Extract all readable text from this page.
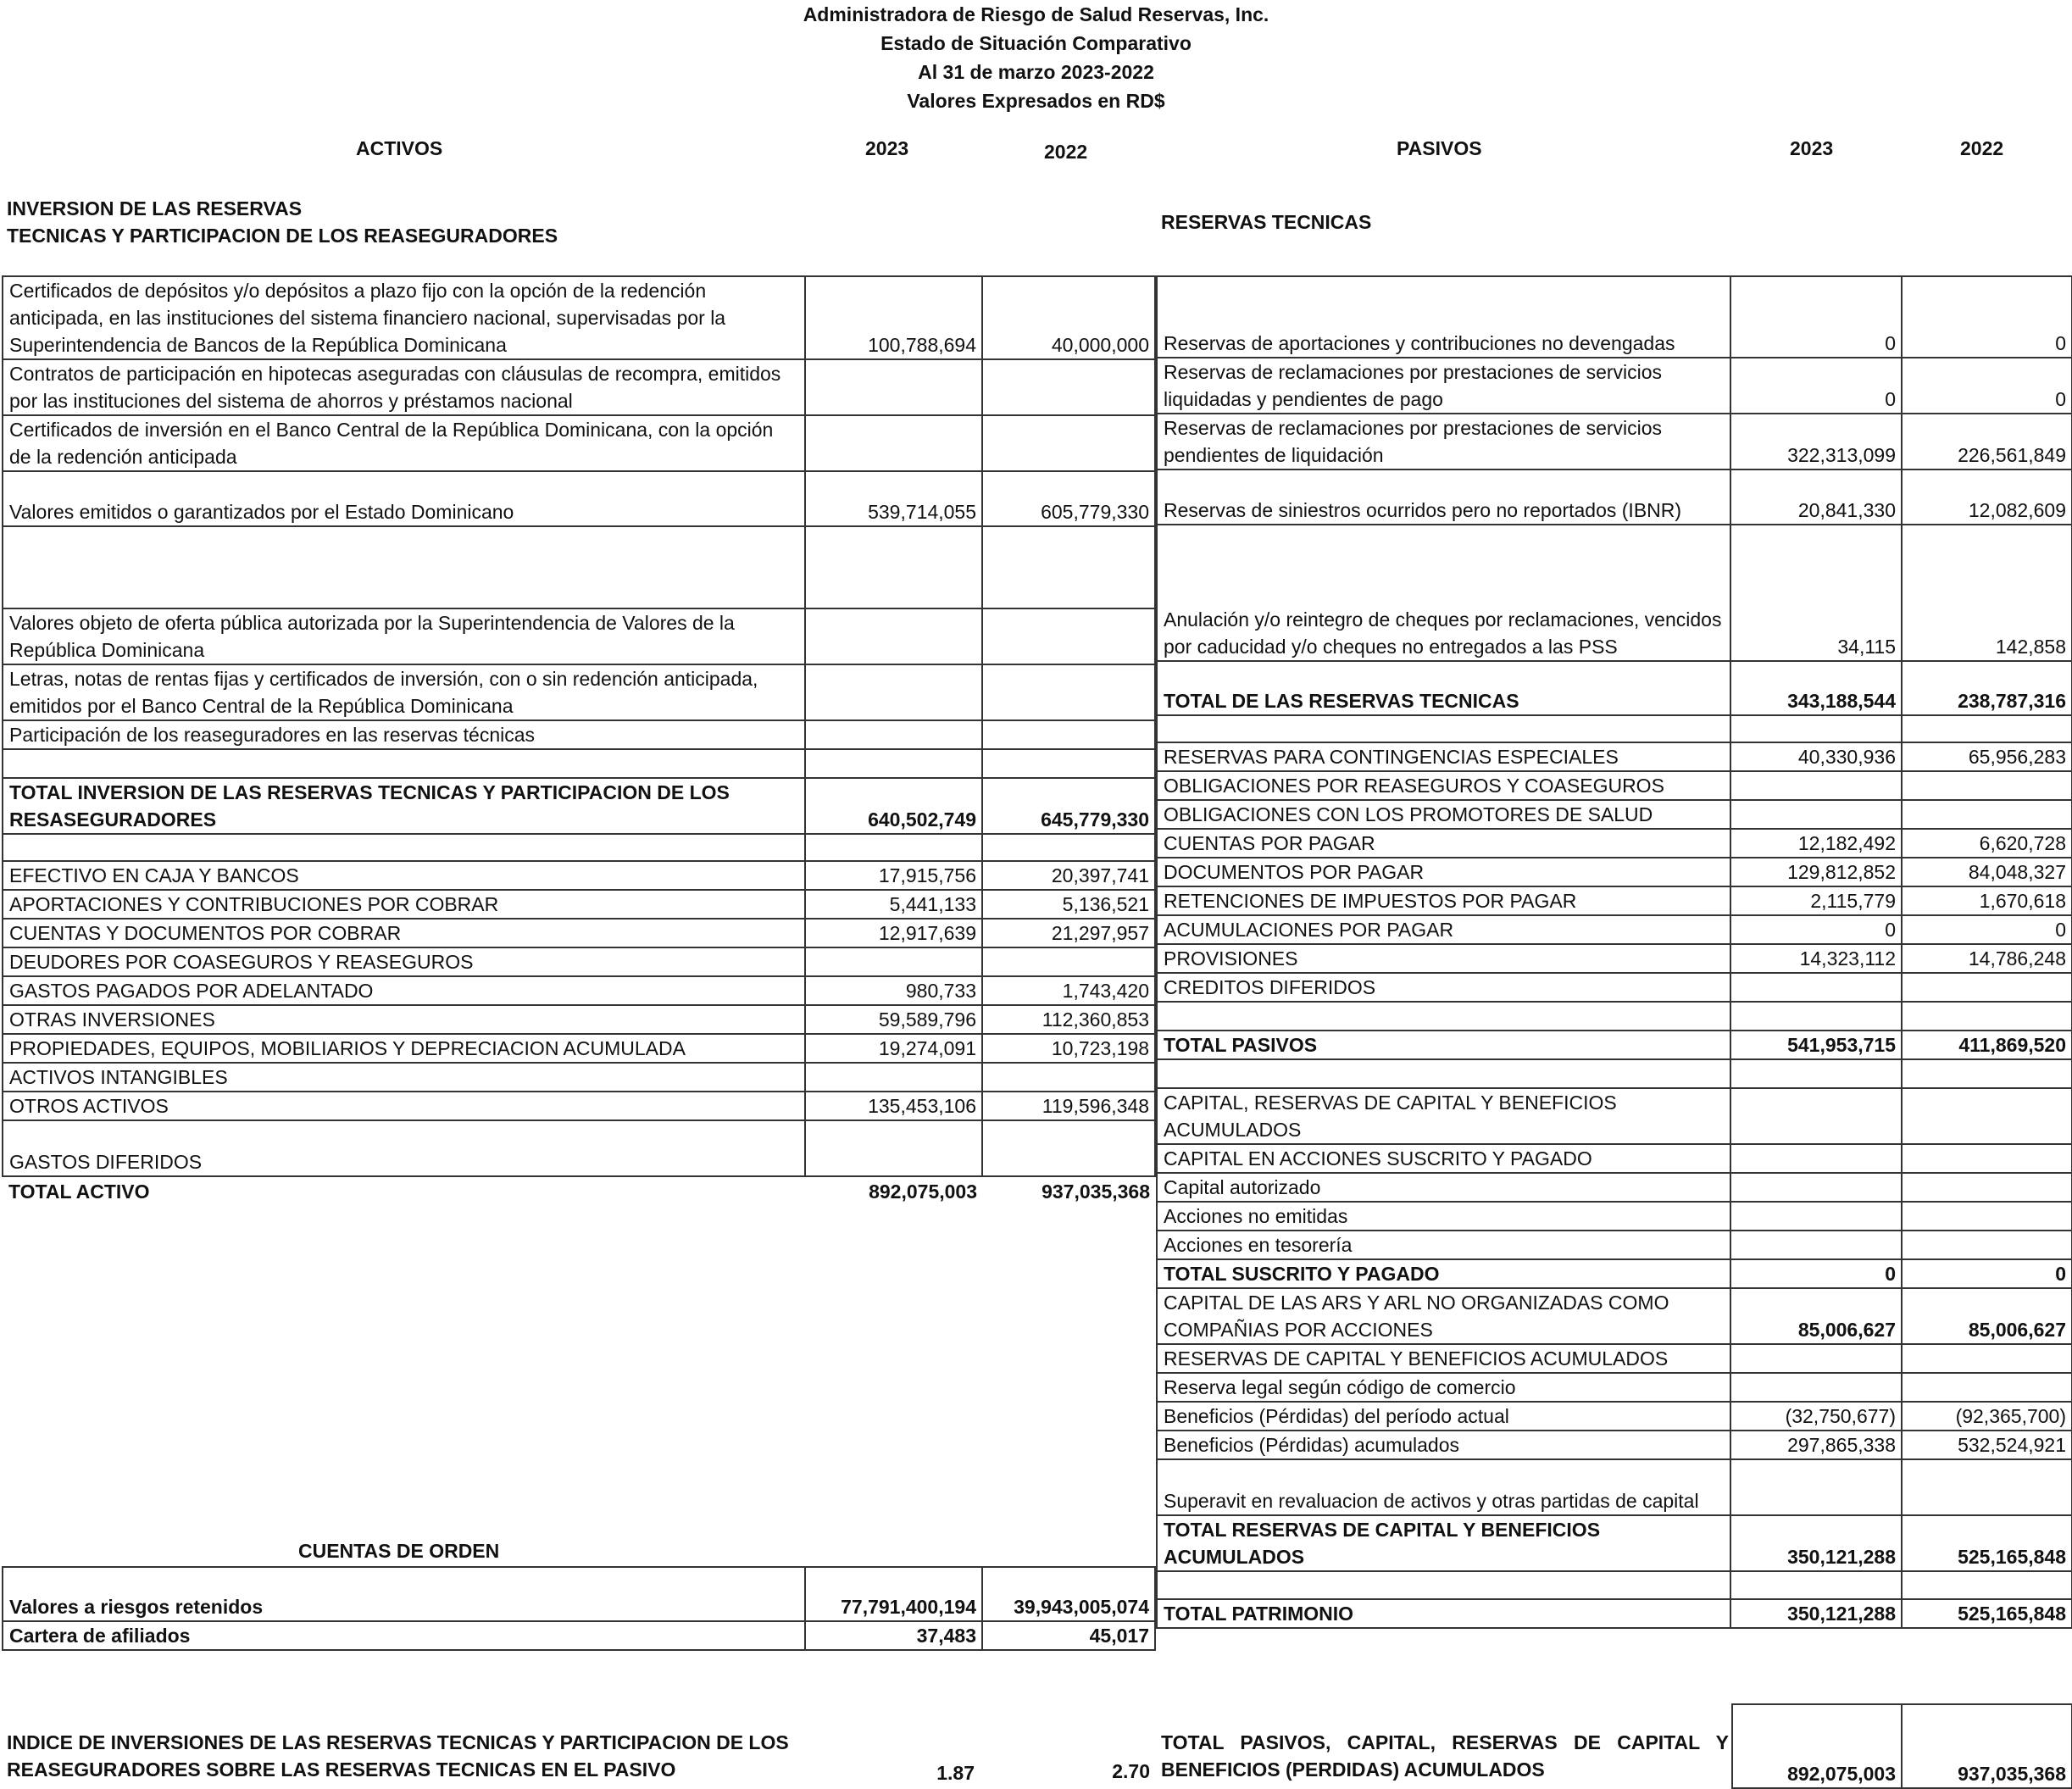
Administradora de Riesgo de Salud Reservas, Inc.
Estado de Situación Comparativo
Al 31 de marzo 2023-2022
Valores Expresados en RD$
ACTIVOS	2023	2022	PASIVOS	2023	2022
INVERSION DE LAS RESERVAS
TECNICAS Y PARTICIPACION DE LOS REASEGURADORES
RESERVAS TECNICAS
Certificados de depósitos y/o depósitos a plazo fijo con la opción de la redención anticipada, en las instituciones del sistema financiero nacional, supervisadas por la Superintendencia de Bancos de la República Dominicana	100,788,694	40,000,000
Contratos de participación en hipotecas aseguradas con cláusulas de recompra, emitidos por las instituciones del sistema de ahorros y préstamos nacional		
Certificados de inversión en el Banco Central de la República Dominicana, con la opción de la redención anticipada		
Valores emitidos o garantizados por el Estado Dominicano	539,714,055	605,779,330

Valores objeto de oferta pública autorizada por la Superintendencia de Valores de la República Dominicana		
Letras, notas de rentas fijas y certificados de inversión, con o sin redención anticipada, emitidos por el Banco Central de la República Dominicana		
Participación de los reaseguradores en las reservas técnicas		

TOTAL INVERSION DE LAS RESERVAS TECNICAS Y PARTICIPACION DE LOS RESASEGURADORES	640,502,749	645,779,330

EFECTIVO EN CAJA Y BANCOS	17,915,756	20,397,741
APORTACIONES Y CONTRIBUCIONES POR COBRAR	5,441,133	5,136,521
CUENTAS Y DOCUMENTOS POR COBRAR	12,917,639	21,297,957
DEUDORES POR COASEGUROS Y REASEGUROS		
GASTOS PAGADOS POR ADELANTADO	980,733	1,743,420
OTRAS INVERSIONES	59,589,796	112,360,853
PROPIEDADES, EQUIPOS, MOBILIARIOS Y DEPRECIACION ACUMULADA	19,274,091	10,723,198
ACTIVOS INTANGIBLES		
OTROS ACTIVOS	135,453,106	119,596,348
GASTOS DIFERIDOS		
TOTAL ACTIVO	892,075,003	937,035,368
Reservas de aportaciones y contribuciones no devengadas	0	0
Reservas de reclamaciones por prestaciones de servicios liquidadas y pendientes de pago	0	0
Reservas de reclamaciones por prestaciones de servicios pendientes de liquidación	322,313,099	226,561,849
Reservas de siniestros ocurridos pero no reportados (IBNR)	20,841,330	12,082,609
Anulación y/o reintegro de cheques por reclamaciones, vencidos por caducidad y/o cheques no entregados a las PSS	34,115	142,858
TOTAL DE LAS RESERVAS TECNICAS	343,188,544	238,787,316

RESERVAS PARA CONTINGENCIAS ESPECIALES	40,330,936	65,956,283
OBLIGACIONES POR REASEGUROS Y COASEGUROS		
OBLIGACIONES CON LOS PROMOTORES DE SALUD		
CUENTAS POR PAGAR	12,182,492	6,620,728
DOCUMENTOS POR PAGAR	129,812,852	84,048,327
RETENCIONES DE IMPUESTOS POR PAGAR	2,115,779	1,670,618
ACUMULACIONES POR PAGAR	0	0
PROVISIONES	14,323,112	14,786,248
CREDITOS DIFERIDOS		

TOTAL PASIVOS	541,953,715	411,869,520

CAPITAL, RESERVAS DE CAPITAL Y BENEFICIOS ACUMULADOS		
CAPITAL EN ACCIONES SUSCRITO Y PAGADO		
Capital autorizado		
Acciones no emitidas		
Acciones en tesorería		
TOTAL SUSCRITO Y PAGADO	0	0
CAPITAL DE LAS ARS Y ARL NO ORGANIZADAS COMO COMPAÑIAS POR ACCIONES	85,006,627	85,006,627
RESERVAS DE CAPITAL Y BENEFICIOS ACUMULADOS		
Reserva legal según código de comercio		
Beneficios (Pérdidas) del período actual	(32,750,677)	(92,365,700)
Beneficios (Pérdidas) acumulados	297,865,338	532,524,921
Superavit en revaluacion de activos y otras partidas de capital		
TOTAL RESERVAS DE CAPITAL Y BENEFICIOS ACUMULADOS	350,121,288	525,165,848

TOTAL PATRIMONIO	350,121,288	525,165,848
CUENTAS DE ORDEN
Valores a riesgos retenidos	77,791,400,194	39,943,005,074
Cartera de afiliados	37,483	45,017
INDICE DE INVERSIONES DE LAS RESERVAS TECNICAS Y PARTICIPACION DE LOS REASEGURADORES SOBRE LAS RESERVAS TECNICAS EN EL PASIVO	1.87	2.70
TOTAL PASIVOS, CAPITAL, RESERVAS DE CAPITAL Y BENEFICIOS (PERDIDAS) ACUMULADOS	892,075,003	937,035,368
